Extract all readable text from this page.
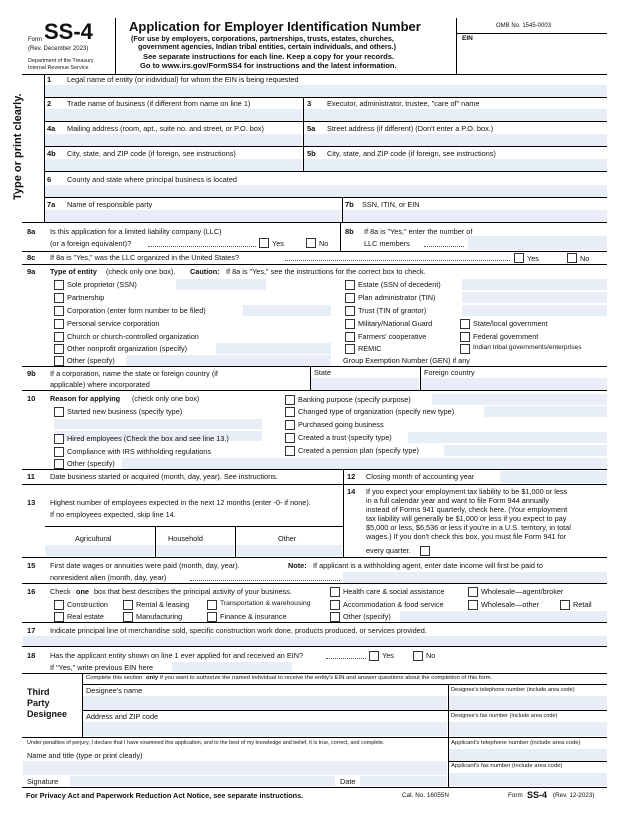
Form SS-4
(Rev. December 2023)
Department of the Treasury
Internal Revenue Service
Application for Employer Identification Number
(For use by employers, corporations, partnerships, trusts, estates, churches,
government agencies, Indian tribal entities, certain individuals, and others.)
See separate instructions for each line. Keep a copy for your records.
Go to www.irs.gov/FormSS4 for instructions and the latest information.
OMB No. 1545-0003
EIN
Type or print clearly.
1 Legal name of entity (or individual) for whom the EIN is being requested
2 Trade name of business (if different from name on line 1)	3 Executor, administrator, trustee, "care of" name
4a Mailing address (room, apt., suite no. and street, or P.O. box)	5a Street address (if different) (Don't enter a P.O. box.)
4b City, state, and ZIP code (if foreign, see instructions)	5b City, state, and ZIP code (if foreign, see instructions)
6 County and state where principal business is located
7a Name of responsible party	7b SSN, ITIN, or EIN
8a Is this application for a limited liability company (LLC)
(or a foreign equivalent)?	Yes	No
8b If 8a is "Yes," enter the number of
LLC members
8c If 8a is "Yes," was the LLC organized in the United States?	Yes	No
9a Type of entity (check only one box). Caution: If 8a is "Yes," see the instructions for the correct box to check.
Sole proprietor (SSN)
Partnership
Corporation (enter form number to be filed)
Personal service corporation
Church or church-controlled organization
Other nonprofit organization (specify)
Other (specify)
Estate (SSN of decedent)
Plan administrator (TIN)
Trust (TIN of grantor)
Military/National Guard	State/local government
Farmers' cooperative	Federal government
REMIC	Indian tribal governments/enterprises
Group Exemption Number (GEN) if any
9b If a corporation, name the state or foreign country (if
applicable) where incorporated
State	Foreign country
10 Reason for applying (check only one box)
Started new business (specify type)
Hired employees (Check the box and see line 13.)
Compliance with IRS withholding regulations
Other (specify)
Banking purpose (specify purpose)
Changed type of organization (specify new type)
Purchased going business
Created a trust (specify type)
Created a pension plan (specify type)
11 Date business started or acquired (month, day, year). See instructions.	12 Closing month of accounting year
13 Highest number of employees expected in the next 12 months (enter -0- if none).
If no employees expected, skip line 14.
Agricultural	Household	Other
14 If you expect your employment tax liability to be $1,000 or less
in a full calendar year and want to file Form 944 annually
instead of Forms 941 quarterly, check here. (Your employment
tax liability will generally be $1,000 or less if you expect to pay
$5,000 or less, $6,536 or less if you're in a U.S. territory, in total
wages.) If you don't check this box, you must file Form 941 for
every quarter.
15 First date wages or annuities were paid (month, day, year).	Note: If applicant is a withholding agent, enter date income will first be paid to
nonresident alien (month, day, year)
16 Check one box that best describes the principal activity of your business.	Health care & social assistance	Wholesale—agent/broker
Construction	Rental & leasing	Transportation & warehousing	Accommodation & food service	Wholesale—other	Retail
Real estate	Manufacturing	Finance & insurance	Other (specify)
17 Indicate principal line of merchandise sold, specific construction work done, products produced, or services provided.
18 Has the applicant entity shown on line 1 ever applied for and received an EIN?	Yes	No
If "Yes," write previous EIN here
Third
Party
Designee
Complete this section only if you want to authorize the named individual to receive the entity's EIN and answer questions about the completion of this form.
Designee's name	Designee's telephone number (include area code)
Address and ZIP code	Designee's fax number (include area code)
Under penalties of perjury, I declare that I have examined this application, and to the best of my knowledge and belief, it is true, correct, and complete.	Applicant's telephone number (include area code)
Name and title (type or print clearly)
Applicant's fax number (include area code)
Signature	Date
For Privacy Act and Paperwork Reduction Act Notice, see separate instructions.	Cat. No. 16055N	Form SS-4 (Rev. 12-2023)
